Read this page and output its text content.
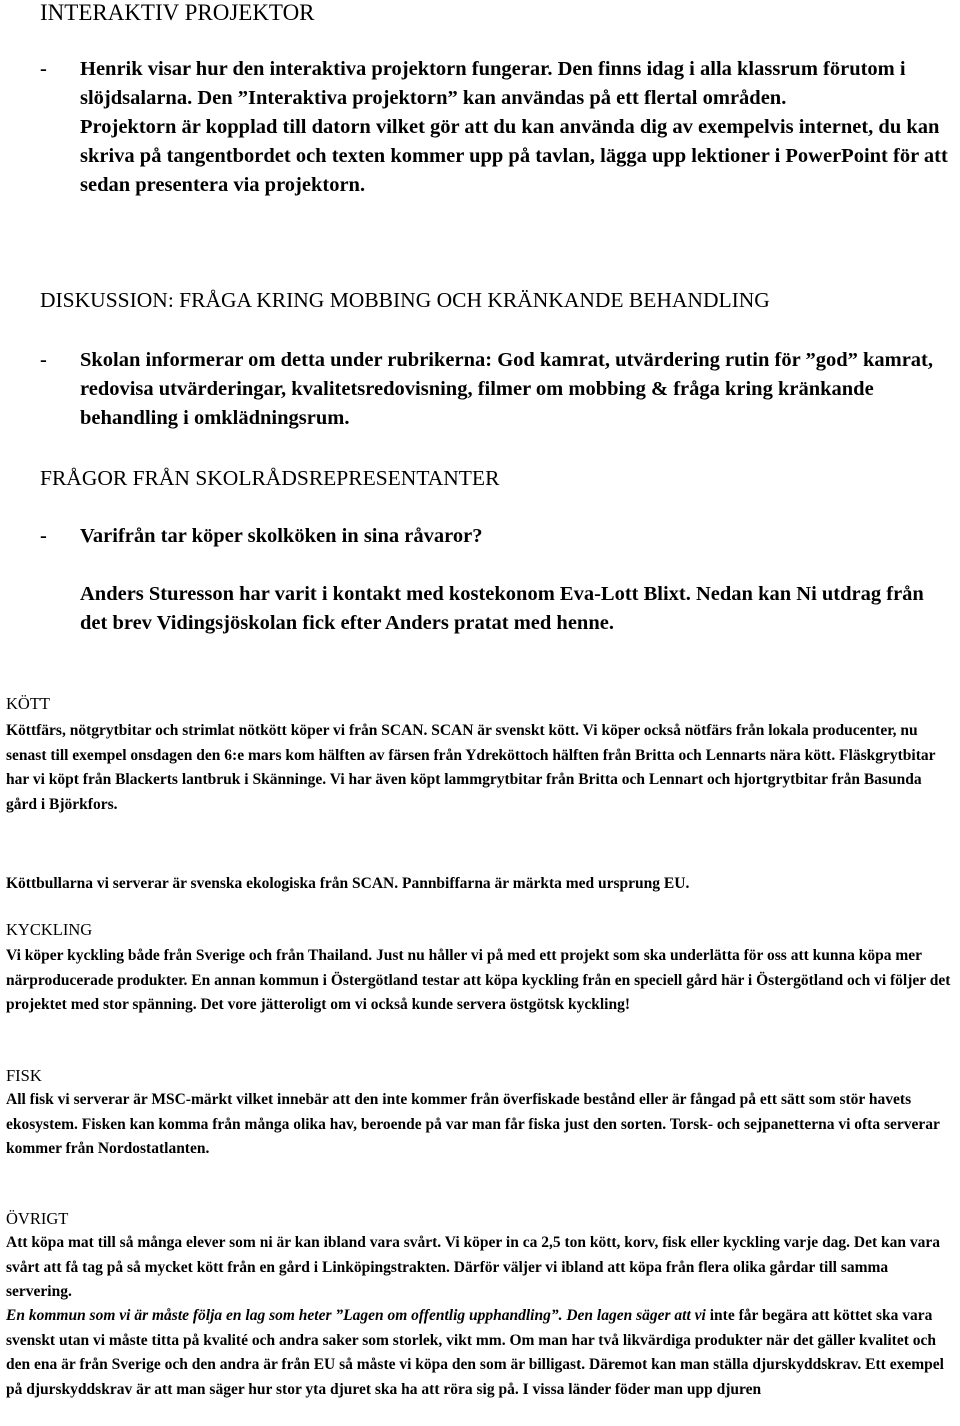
INTERAKTIV PROJEKTOR
- Henrik visar hur den interaktiva projektorn fungerar. Den finns idag i alla klassrum förutom i slöjdsalarna. Den ”Interaktiva projektorn” kan användas på ett flertal områden.

Projektorn är kopplad till datorn vilket gör att du kan använda dig av exempelvis internet, du kan skriva på tangentbordet och texten kommer upp på tavlan, lägga upp lektioner i PowerPoint för att sedan presentera via projektorn.

DISKUSSION: FRÅGA KRING MOBBING OCH KRÄNKANDE BEHANDLING
- Skolan informerar om detta under rubrikerna: God kamrat, utvärdering rutin för ”god” kamrat, redovisa utvärderingar, kvalitetsredovisning, filmer om mobbing & fråga kring kränkande behandling i omklädningsrum.

FRÅGOR FRÅN SKOLRÅDSREPRESENTANTER
- Varifrån tar köper skolköken in sina råvaror?

Anders Sturesson har varit i kontakt med kostekonom Eva-Lott Blixt. Nedan kan Ni utdrag från det brev Vidingsjöskolan fick efter Anders pratat med henne.
KÖTT
Köttfärs, nötgrytbitar och strimlat nötkött köper vi från SCAN. SCAN är svenskt kött. Vi köper också nötfärs från lokala producenter, nu senast till exempel onsdagen den 6:e mars kom hälften av färsen från Ydreköttoch hälften från Britta och Lennarts nära kött. Fläskgrytbitar har vi köpt från Blackerts lantbruk i Skänninge. Vi har även köpt lammgrytbitar från Britta och Lennart och hjortgrytbitar från Basunda gård i Björkfors.
Köttbullarna vi serverar är svenska ekologiska från SCAN. Pannbiffarna är märkta med ursprung EU.
KYCKLING
Vi köper kyckling både från Sverige och från Thailand. Just nu håller vi på med ett projekt som ska underlätta för oss att kunna köpa mer närproducerade produkter. En annan kommun i Östergötland testar att köpa kyckling från en speciell gård här i Östergötland och vi följer det projektet med stor spänning. Det vore jätteroligt om vi också kunde servera östgötsk kyckling!
FISK
All fisk vi serverar är MSC-märkt vilket innebär att den inte kommer från överfiskade bestånd eller är fångad på ett sätt som stör havets ekosystem. Fisken kan komma från många olika hav, beroende på var man får fiska just den sorten. Torsk- och sejpanetterna vi ofta serverar kommer från Nordostatlanten.
ÖVRIGT
Att köpa mat till så många elever som ni är kan ibland vara svårt. Vi köper in ca 2,5 ton kött, korv, fisk eller kyckling varje dag. Det kan vara svårt att få tag på så mycket kött från en gård i Linköpingstrakten. Därför väljer vi ibland att köpa från flera olika gårdar till samma servering.
En kommun som vi är måste följa en lag som heter ”Lagen om offentlig upphandling”. Den lagen säger att vi inte får begära att köttet ska vara svenskt utan vi måste titta på kvalité och andra saker som storlek, vikt mm. Om man har två likvärdiga produkter när det gäller kvalitet och den ena är från Sverige och den andra är från EU så måste vi köpa den som är billigast. Däremot kan man ställa djurskyddskrav. Ett exempel på djurskyddskrav är att man säger hur stor yta djuret ska ha att röra sig på. I vissa länder föder man upp djuren
